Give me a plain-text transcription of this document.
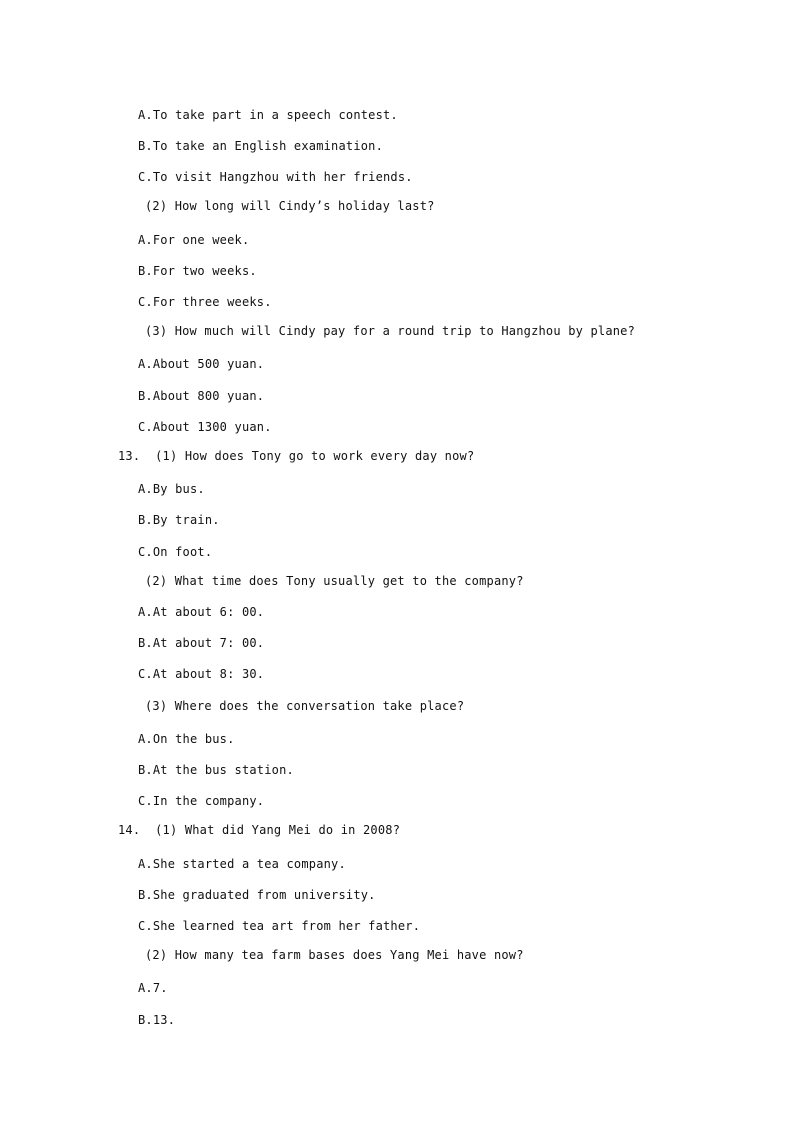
A.To take part in a speech contest.
B.To take an English examination.
C.To visit Hangzhou with her friends.
(2) How long will Cindy’s holiday last?
A.For one week.
B.For two weeks.
C.For three weeks.
(3) How much will Cindy pay for a round trip to Hangzhou by plane?
A.About 500 yuan.
B.About 800 yuan.
C.About 1300 yuan.
13.  (1) How does Tony go to work every day now?
A.By bus.
B.By train.
C.On foot.
(2) What time does Tony usually get to the company?
A.At about 6: 00.
B.At about 7: 00.
C.At about 8: 30.
(3) Where does the conversation take place?
A.On the bus.
B.At the bus station.
C.In the company.
14.  (1) What did Yang Mei do in 2008?
A.She started a tea company.
B.She graduated from university.
C.She learned tea art from her father.
(2) How many tea farm bases does Yang Mei have now?
A.7.
B.13.
